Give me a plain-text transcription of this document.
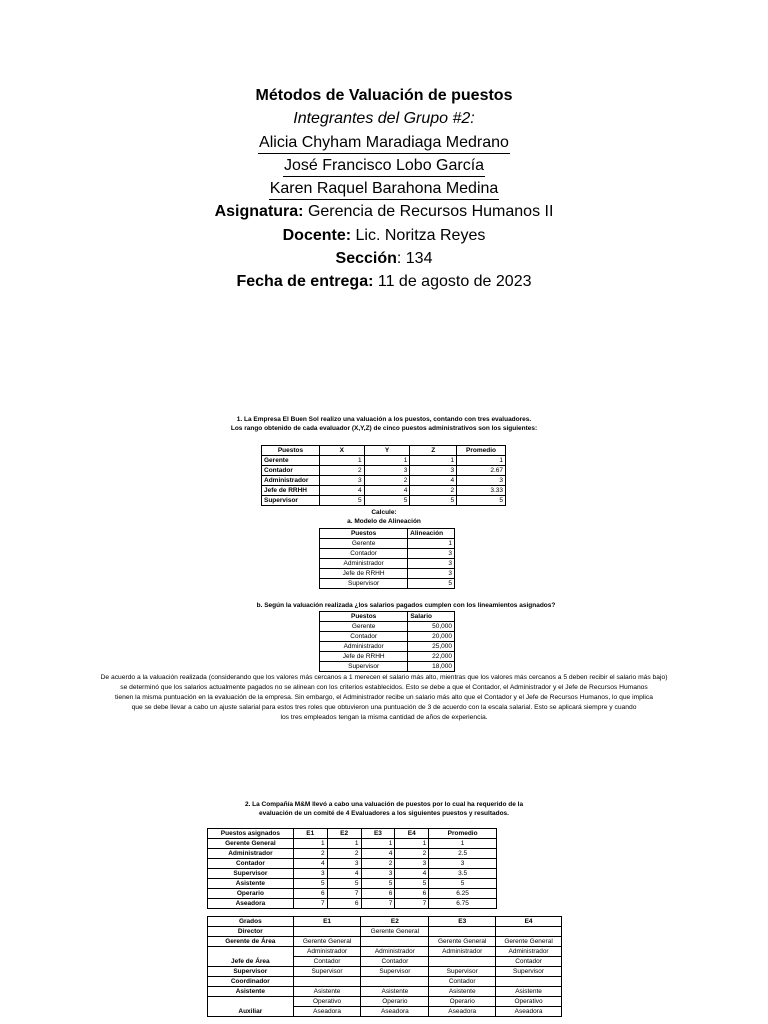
Métodos de Valuación de puestos
Integrantes del Grupo #2:
Alicia Chyham Maradiaga Medrano
José Francisco Lobo García
Karen Raquel Barahona Medina
Asignatura: Gerencia de Recursos Humanos II
Docente: Lic. Noritza Reyes
Sección: 134
Fecha de entrega: 11 de agosto de 2023
1. La Empresa El Buen Sol realizo una valuación a los puestos, contando con tres evaluadores.
Los rango obtenido de cada evaluador (X,Y,Z) de cinco puestos administrativos son los siguientes:
Puestos	X	Y	Z	Promedio
Gerente	1	1	1	1
Contador	2	3	3	2.67
Administrador	3	2	4	3
Jefe de RRHH	4	4	2	3.33
Supervisor	5	5	5	5
Calcule:
a. Modelo de Alineación
Puestos	Alineación
Gerente	1
Contador	3
Administrador	3
Jefe de RRHH	3
Supervisor	5
b. Según la valuación realizada ¿los salarios pagados cumplen con los lineamientos asignados?
Puestos	Salario
Gerente	50,000
Contador	20,000
Administrador	25,000
Jefe de RRHH	22,000
Supervisor	18,000
De acuerdo a la valuación realizada (considerando que los valores más cercanos a 1 merecen el salario más alto, mientras que los valores más cercanos a 5 deben recibir el salario más bajo)
se determinó que los salarios actualmente pagados no se alinean con los criterios establecidos. Esto se debe a que el Contador, el Administrador y el Jefe de Recursos Humanos
tienen la misma puntuación en la evaluación de la empresa. Sin embargo, el Administrador recibe un salario más alto que el Contador y el Jefe de Recursos Humanos, lo que implica
que se debe llevar a cabo un ajuste salarial para estos tres roles que obtuvieron una puntuación de 3 de acuerdo con la escala salarial. Esto se aplicará siempre y cuando
los tres empleados tengan la misma cantidad de años de experiencia.
2. La Compañía M&M llevó a cabo una valuación de puestos por lo cual ha requerido de la
evaluación de un comité de 4 Evaluadores a los siguientes puestos y resultados.
Puestos asignados	E1	E2	E3	E4	Promedio
Gerente General	1	1	1	1	1
Administrador	2	2	4	2	2.5
Contador	4	3	2	3	3
Supervisor	3	4	3	4	3.5
Asistente	5	5	5	5	5
Operario	6	7	6	6	6.25
Aseadora	7	6	7	7	6.75
Grados	E1	E2	E3	E4
Director		Gerente General		
Gerente de Área	Gerente General		Gerente General	Gerente General
Jefe de Área	Administrador	Administrador	Administrador	Administrador
	Contador	Contador		Contador
Supervisor	Supervisor	Supervisor	Supervisor	Supervisor
Coordinador			Contador	
Asistente	Asistente	Asistente	Asistente	Asistente
Auxiliar	Operativo	Operario	Operario	Operativo
	Aseadora	Aseadora	Aseadora	Aseadora
